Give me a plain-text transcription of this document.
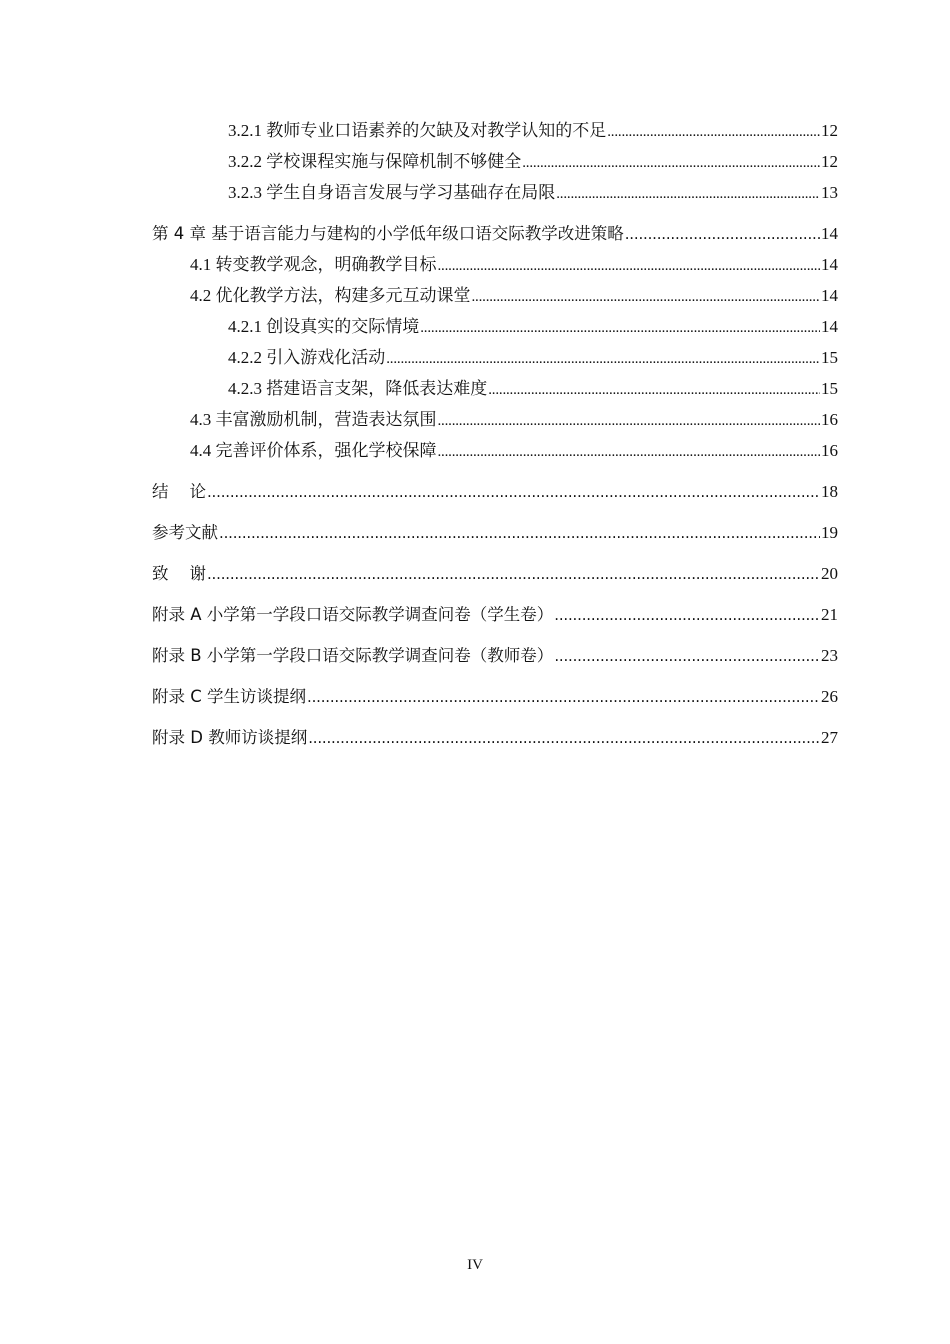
3.2.1 教师专业口语素养的欠缺及对教学认知的不足 .....	12
3.2.2 学校课程实施与保障机制不够健全 .....	12
3.2.3 学生自身语言发展与学习基础存在局限 .....	13
第 4 章 基于语言能力与建构的小学低年级口语交际教学改进策略 .....	14
4.1 转变教学观念，明确教学目标 .....	14
4.2 优化教学方法，构建多元互动课堂 .....	14
4.2.1 创设真实的交际情境 .....	14
4.2.2 引入游戏化活动 .....	15
4.2.3 搭建语言支架，降低表达难度 .....	15
4.3 丰富激励机制，营造表达氛围 .....	16
4.4 完善评价体系，强化学校保障 .....	16
结    论 .....	18
参考文献 .....	19
致    谢 .....	20
附录 A 小学第一学段口语交际教学调查问卷（学生卷） .....	21
附录 B 小学第一学段口语交际教学调查问卷（教师卷） .....	23
附录 C 学生访谈提纲 .....	26
附录 D 教师访谈提纲 .....	27
IV
